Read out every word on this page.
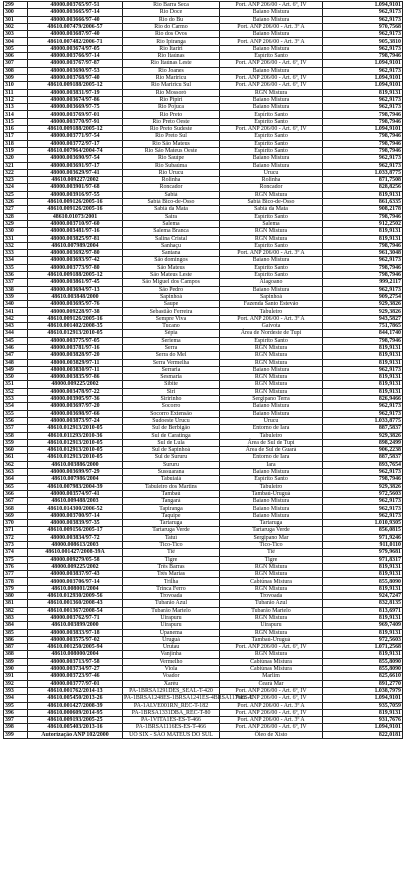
299	48000.003765/97-51	Rio Barra Seca	Port. ANP 206/00 - Art. 6º, IV	1.094,9101
300	48000.003665/97-14	Rio Doce	Baiano Mistura	962,9173
301	48000.003666/97-40	Rio do Bu	Baiano Mistura	962,9173
302	48610.007479/2006-57	Rio do Carmo	Port. ANP 206/00 - Art. 3º A	970,7568
303	48000.003687/97-40	Rio dos Ovos	Baiano Mistura	962,9173
304	48610.007482/2006-71	Rio Ipiranga	Port. ANP 206/00 - Art. 3º A	905,3810
305	48000.003674/97-05	Rio Itariri	Baiano Mistura	962,9173
306	48000.003766/97-14	Rio Itaúnas	Espírito Santo	798,7946
307	48000.003767/97-87	Rio Itaúnas Leste	Port. ANP 206/00 - Art. 6º, IV	1.094,9101
308	48000.003690/97-53	Rio Joanes	Baiano Mistura	962,9173
309	48000.003768/97-40	Rio Mariricu	Port. ANP 206/00 - Art. 6º, IV	1.094,9101
310	48610.009188/2005-12	Rio Mariricu Sul	Port. ANP 206/00 - Art. 6º, IV	1.094,9101
311	48000.003831/97-19	Rio Mossoró	RGN Mistura	819,9131
312	48000.003674/97-86	Rio Pipiri	Baiano Mistura	962,9173
313	48000.003669/97-75	Rio Pojuca	Baiano Mistura	962,9173
314	48000.003769/97-01	Rio Preto	Espírito Santo	798,7946
315	48000.003770/97-91	Rio Preto Oeste	Espírito Santo	798,7946
316	48610.009188/2005-12	Rio Preto Sudeste	Port. ANP 206/00 - Art. 6º, IV	1.094,9101
317	48000.003771/97-54	Rio Preto Sul	Espírito Santo	798,7946
318	48000.003772/97-17	Rio São Mateus	Espírito Santo	798,7946
319	48610.007964/2004-74	Rio São Mateus Oeste	Espírito Santo	798,7946
320	48000.003690/97-54	Rio Sauípe	Baiano Mistura	962,9173
321	48000.003691/97-17	Rio Subaúma	Baiano Mistura	962,9173
322	48000.003629/97-41	Rio Urucu	Urucu	1.033,8775
323	48610.009227/2002	Rolinha	Rolinha	871,7508
324	48000.003901/97-68	Roncador	Roncador	828,8256
325	48000.003916/97-55	Sabiá	RGN Mistura	819,9131
326	48610.009126/2005-16	Sabiá Bico-de-Osso	Sabiá Bico-de-Osso	861,6335
327	48610.009126/2005-16	Sabiá da Mata	Sabiá da Mata	908,2178
328	48610.01073/2001	Saira	Espírito Santo	798,7946
329	48000.003710/97-60	Salema	Salema	912,2502
330	48000.003481/97-16	Salema Branca	RGN Mistura	819,9131
331	48000.003825/97-81	Salina Cristal	RGN Mistura	819,9131
332	48610.007989/2004	Sanhaçu	Espírito Santo	798,7946
333	48000.003692/97-80	Santana	Port. ANP 206/00 - Art. 3º A	961,3048
334	48000.003693/97-42	São domingos	Baiano Mistura	962,9173
335	48000.003773/97-80	São Mateus	Espírito Santo	798,7946
336	48610.009188/2005-12	São Mateus Leste	Espírito Santo	798,7946
337	48000.003861/97-45	São Miguel dos Campos	Alagoano	999,2117
338	48000.003694/97-13	São Pedro	Baiano Mistura	962,9173
339	48610.003848/2000	Sapinhoá	Sapinhoá	909,2754
340	48000.003695/97-76	Saupe	Fazenda Santo Estevão	929,3826
341	48000.009228/97-38	Sebastião Ferreira	Tabuleiro	929,3826
342	48610.009126/2005-16	Sempre Viva	Port. ANP 206/00 - Art. 3º A	943,5827
343	48610.001402/2008-35	Tucano	Gaivota	751,7865
344	48610.012913/2010-05	Sépia	Área de Nordeste de Tupi	844,1740
345	48000.003775/97-05	Seriema	Espírito Santo	798,7946
346	48000.003781/97-16	Serra	RGN Mistura	819,9131
347	48000.003828/97-20	Serra do Mel	RGN Mistura	819,9131
348	48000.003829/97-11	Serra Vermelha	RGN Mistura	819,9131
349	48000.003830/97-11	Serraria	Baiano Mistura	962,9173
350	48000.003835/97-86	Sesmaria	RGN Mistura	819,9131
351	48000.009225/2002	Sibite	RGN Mistura	819,9131
352	48000.003478/97-22	Siri	RGN Mistura	819,9131
353	48000.003905/97-36	Siririnho	Sergipano Terra	826,9466
354	48000.003697/97-20	Socorro	Baiano Mistura	962,9173
355	48000.003698/97-66	Socorro Extensão	Baiano Mistura	962,9173
356	48000.003873/97-24	Sudoeste Urucu	Urucu	1.033,8775
357	48610.012913/2010-05	Sul de Berbigão	Entorno de Iara	887,5837
358	48610.011293/2010-36	Sul de Caratinga	Tabuleiro	929,3826
359	48610.012913/2010-05	Sul de Lula	Área de Sul de Tupi	898,2499
360	48610.012913/2010-05	Sul de Sapinhoá	Área de Sul de Guará	906,2238
361	48610.012913/2010-05	Sul de Sururu	Entorno de Iara	887,5837
362	48610.003886/2000	Sururu	Iara	893,7654
363	48000.003699/97-29	Sussuarana	Baiano Mistura	962,9173
364	48610.007986/2004	Tabuiaiá	Espírito Santo	798,7946
365	48610.007983/2004-39	Tabuleiro dos Martins	Tabuleiro	929,3826
366	48000.003574/97-41	Tambaú	Tambaú-Uruguá	972,5603
367	48610.009488/2003	Tangará	Baiano Mistura	962,9173
368	48610.014300/2006-52	Tapiranga	Baiano Mistura	962,9173
369	48000.003700/97-14	Taquipe	Baiano Mistura	962,9173
370	48000.003839/97-35	Tartaruga	Tartaruga	1.010,9305
371	48610.009156/2005-17	Tartaruga Verde	Tartaruga Verde	856,0815
372	48000.003834/97-72	Tatuí	Sergipano Mar	971,9246
373	48000.008613/2003	Tico-Tico	Tico-Tico	911,0110
374	48610.001427/2008-39A	Tiê	Tiê	979,9681
375	48000.009279/05-58	Tigre	Tigre	971,8317
376	48000.009225/2002	Três Barras	RGN Mistura	819,9131
377	48000.003837/97-43	Três Marias	RGN Mistura	819,9131
378	48000.003706/97-14	Trilha	Cabiúnas Mistura	855,8090
379	48610.008001/2004	Trinca Ferro	RGN Mistura	819,9131
380	48610.012930/2009-56	Trovoada	Trovoada	924,7247
381	48610.001360/2008-43	Tubarão Azul	Tubarão Azul	832,8135
382	48610.001367/2008-54	Tubarão Martelo	Tubarão Martelo	813,6971
383	48000.003762/97-71	Uirapuru	RGN Mistura	819,9131
384	48610.003899/2000	Uirapuru	Uirapuru	969,7409
385	48000.003833/97-18	Upanema	RGN Mistura	819,9131
386	48000.003575/97-02	Uruguá	Tambaú-Uruguá	972,5603
387	48610.001250/2005-94	Urutau	Port. ANP 206/00 - Art. 6º, IV	1.071,2568
388	48610.008000/2004	Vanjinha	RGN Mistura	819,9131
389	48000.003713/97-58	Vermelho	Cabiúnas Mistura	855,8090
390	48000.003734/97-27	Viola	Cabiúnas Mistura	855,8090
391	48000.003723/97-46	Voador	Marlim	825,6610
392	48000.003777/97-01	Xaréu	Ceará Mar	891,2770
393	48610.001762/2014-13	PA-1BRSA1291DES_SEAL-T-420	Port. ANP 206/00 - Art. 6º, IV	1.038,7979
394	48610.005450/2013-26	PA-1BRSA1248ES-1BRSA1241ES-4BRSA1176ES-E	Port. ANP 206/00 - Art. 6º, IV	1.094,9101
395	48610.001427/2008-39	PA-1ALVE001RN_REC-T-182	Port. ANP 206/00 - Art. 3º A	935,7059
396	48610.000609/2014-95	PA-1BRSA1331DBA_REC-T-80	Port. ANP 206/00 - Art. 6º, IV	819,9131
397	48610.009193/2005-25	PA-1VITA1ES-ES-T-466	Port. ANP 206/00 - Art. 3º A	931,7676
398	48610.005403/2013-16	PA-1BRSA1116ES-ES-T-466	Port. ANP 206/00 - Art. 6º, IV	1.094,9101
399	Autorização ANP 102/2000	UO SIX - SÃO MATEUS DO SUL	Óleo de Xisto	822,0181
